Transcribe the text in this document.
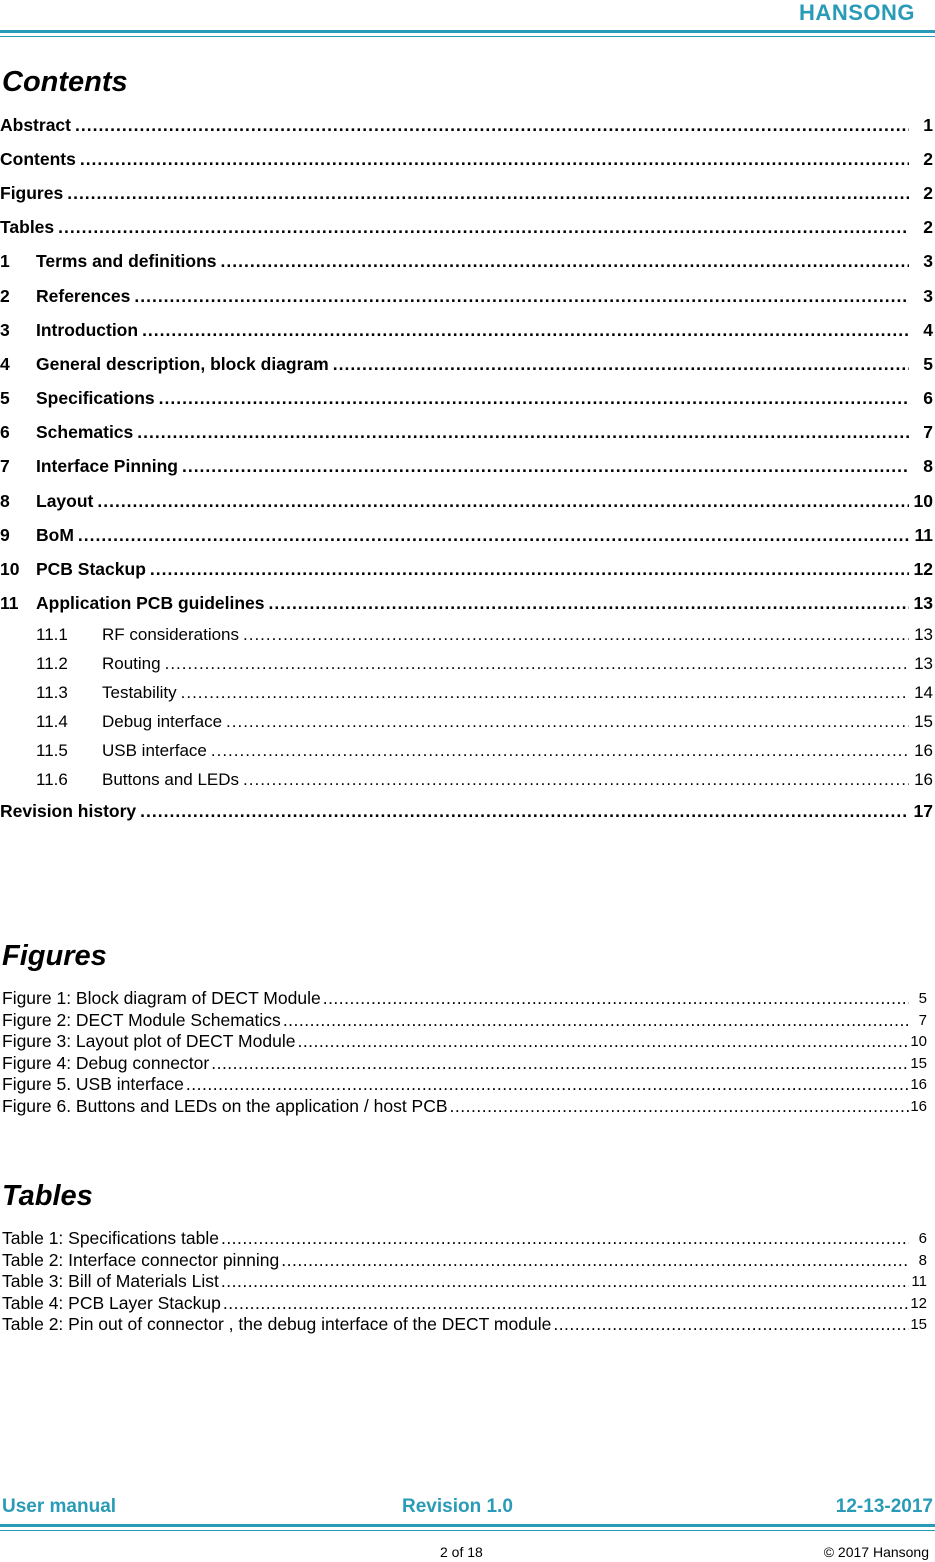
HANSONG
Contents
Abstract .....	1
Contents .....	2
Figures .....	2
Tables .....	2
1	Terms and definitions .....	3
2	References .....	3
3	Introduction .....	4
4	General description, block diagram .....	5
5	Specifications .....	6
6	Schematics .....	7
7	Interface Pinning .....	8
8	Layout .....	10
9	BoM .....	11
10 PCB Stackup .....	12
11	Application PCB guidelines .....	13
11.1	RF considerations .....	13
11.2	Routing .....	13
11.3	Testability .....	14
11.4	Debug interface .....	15
11.5	USB interface .....	16
11.6	Buttons and LEDs .....	16
Revision history .....	17
Figures
Figure 1: Block diagram of DECT Module .....	5
Figure 2: DECT Module Schematics .....	7
Figure 3: Layout plot of DECT Module .....	10
Figure 4: Debug connector .....	15
Figure 5. USB interface .....	16
Figure 6. Buttons and LEDs on the application / host PCB .....	16
Tables
Table 1: Specifications table .....	6
Table 2: Interface connector pinning .....	8
Table 3: Bill of Materials List .....	11
Table 4: PCB Layer Stackup .....	12
Table 2: Pin out of connector , the debug interface of the DECT module .....	15
User manual	Revision 1.0	12-13-2017
2 of 18	© 2017 Hansong
